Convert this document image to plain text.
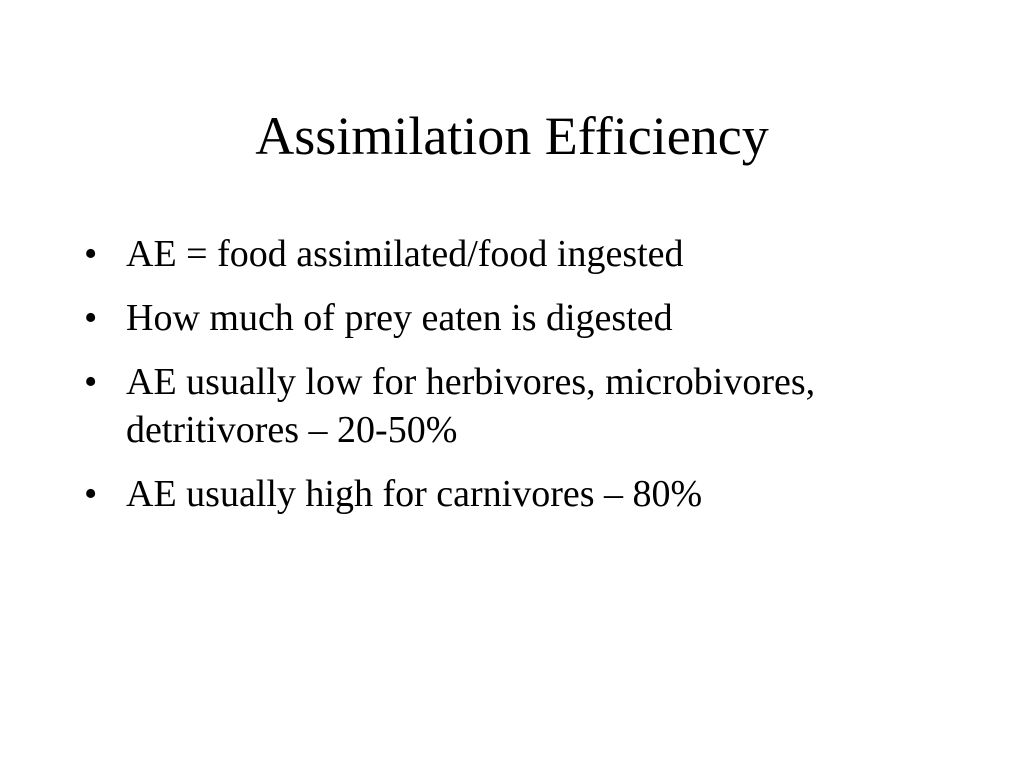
Assimilation Efficiency
• AE = food assimilated/food ingested
• How much of prey eaten is digested
• AE usually low for herbivores, microbivores, detritivores – 20-50%
• AE usually high for carnivores – 80%
